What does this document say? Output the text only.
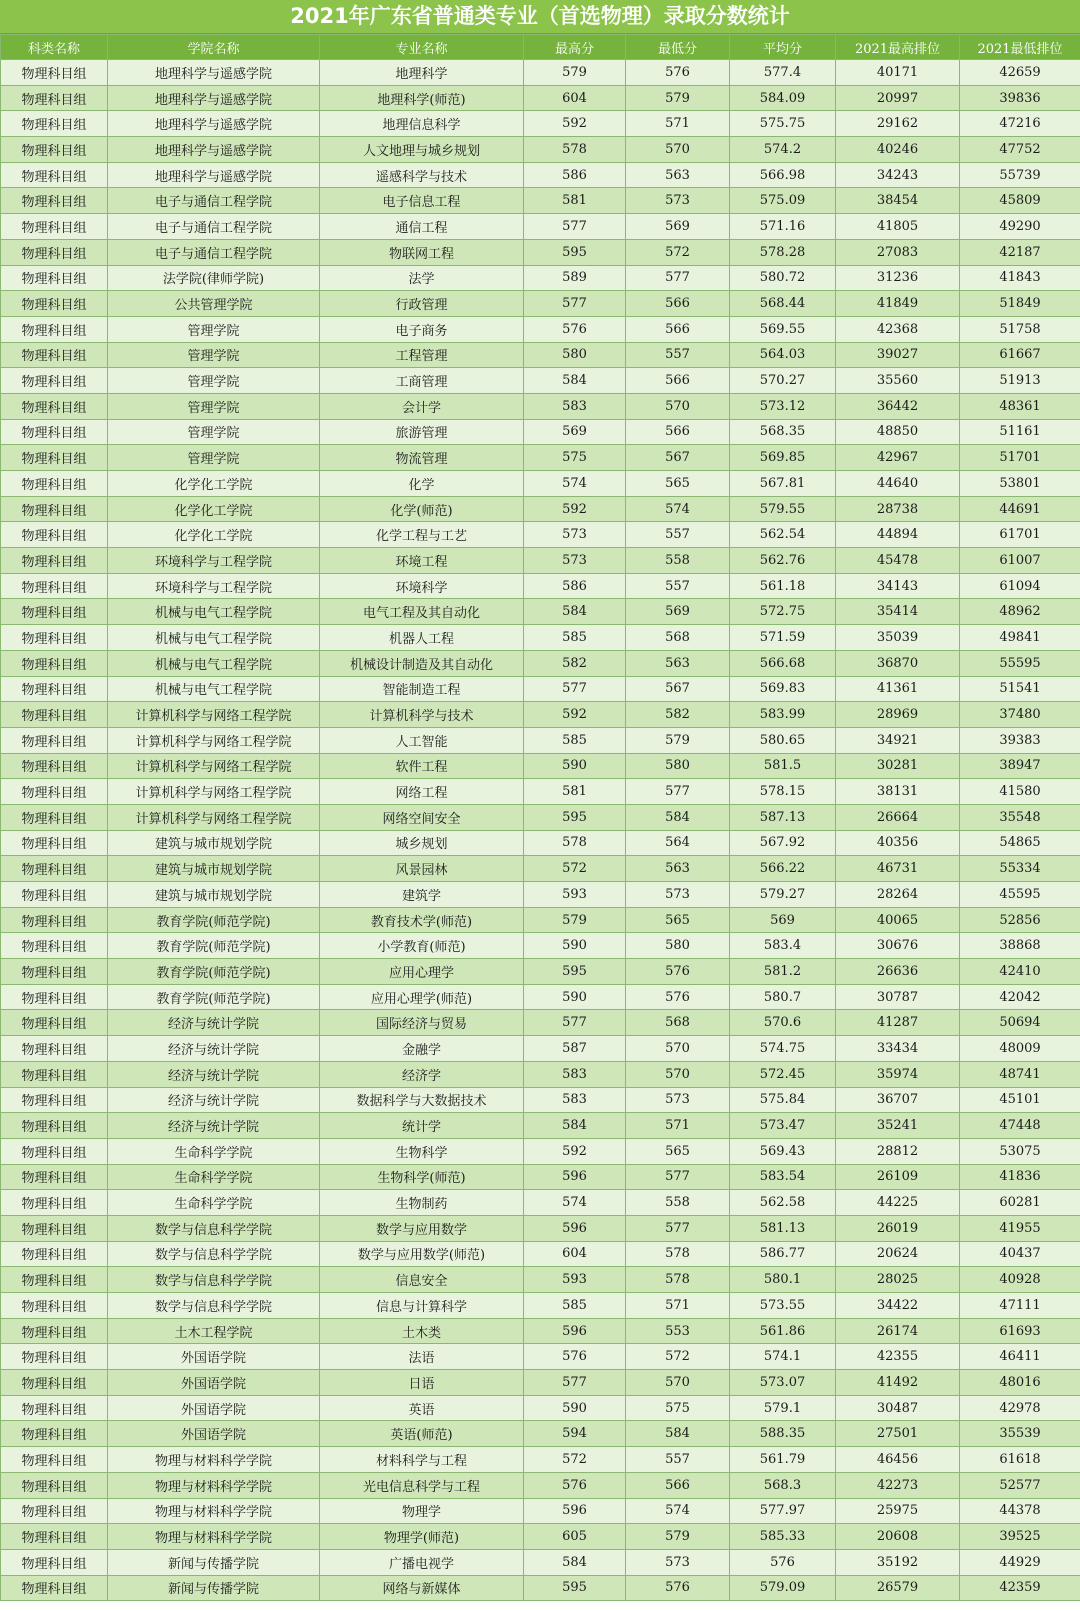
2021年广东省普通类专业（首选物理）录取分数统计
科类名称	学院名称	专业名称	最高分	最低分	平均分	2021最高排位	2021最低排位
物理科目组	地理科学与遥感学院	地理科学	579	576	577.4	40171	42659
物理科目组	地理科学与遥感学院	地理科学(师范)	604	579	584.09	20997	39836
物理科目组	地理科学与遥感学院	地理信息科学	592	571	575.75	29162	47216
物理科目组	地理科学与遥感学院	人文地理与城乡规划	578	570	574.2	40246	47752
物理科目组	地理科学与遥感学院	遥感科学与技术	586	563	566.98	34243	55739
物理科目组	电子与通信工程学院	电子信息工程	581	573	575.09	38454	45809
物理科目组	电子与通信工程学院	通信工程	577	569	571.16	41805	49290
物理科目组	电子与通信工程学院	物联网工程	595	572	578.28	27083	42187
物理科目组	法学院(律师学院)	法学	589	577	580.72	31236	41843
物理科目组	公共管理学院	行政管理	577	566	568.44	41849	51849
物理科目组	管理学院	电子商务	576	566	569.55	42368	51758
物理科目组	管理学院	工程管理	580	557	564.03	39027	61667
物理科目组	管理学院	工商管理	584	566	570.27	35560	51913
物理科目组	管理学院	会计学	583	570	573.12	36442	48361
物理科目组	管理学院	旅游管理	569	566	568.35	48850	51161
物理科目组	管理学院	物流管理	575	567	569.85	42967	51701
物理科目组	化学化工学院	化学	574	565	567.81	44640	53801
物理科目组	化学化工学院	化学(师范)	592	574	579.55	28738	44691
物理科目组	化学化工学院	化学工程与工艺	573	557	562.54	44894	61701
物理科目组	环境科学与工程学院	环境工程	573	558	562.76	45478	61007
物理科目组	环境科学与工程学院	环境科学	586	557	561.18	34143	61094
物理科目组	机械与电气工程学院	电气工程及其自动化	584	569	572.75	35414	48962
物理科目组	机械与电气工程学院	机器人工程	585	568	571.59	35039	49841
物理科目组	机械与电气工程学院	机械设计制造及其自动化	582	563	566.68	36870	55595
物理科目组	机械与电气工程学院	智能制造工程	577	567	569.83	41361	51541
物理科目组	计算机科学与网络工程学院	计算机科学与技术	592	582	583.99	28969	37480
物理科目组	计算机科学与网络工程学院	人工智能	585	579	580.65	34921	39383
物理科目组	计算机科学与网络工程学院	软件工程	590	580	581.5	30281	38947
物理科目组	计算机科学与网络工程学院	网络工程	581	577	578.15	38131	41580
物理科目组	计算机科学与网络工程学院	网络空间安全	595	584	587.13	26664	35548
物理科目组	建筑与城市规划学院	城乡规划	578	564	567.92	40356	54865
物理科目组	建筑与城市规划学院	风景园林	572	563	566.22	46731	55334
物理科目组	建筑与城市规划学院	建筑学	593	573	579.27	28264	45595
物理科目组	教育学院(师范学院)	教育技术学(师范)	579	565	569	40065	52856
物理科目组	教育学院(师范学院)	小学教育(师范)	590	580	583.4	30676	38868
物理科目组	教育学院(师范学院)	应用心理学	595	576	581.2	26636	42410
物理科目组	教育学院(师范学院)	应用心理学(师范)	590	576	580.7	30787	42042
物理科目组	经济与统计学院	国际经济与贸易	577	568	570.6	41287	50694
物理科目组	经济与统计学院	金融学	587	570	574.75	33434	48009
物理科目组	经济与统计学院	经济学	583	570	572.45	35974	48741
物理科目组	经济与统计学院	数据科学与大数据技术	583	573	575.84	36707	45101
物理科目组	经济与统计学院	统计学	584	571	573.47	35241	47448
物理科目组	生命科学学院	生物科学	592	565	569.43	28812	53075
物理科目组	生命科学学院	生物科学(师范)	596	577	583.54	26109	41836
物理科目组	生命科学学院	生物制药	574	558	562.58	44225	60281
物理科目组	数学与信息科学学院	数学与应用数学	596	577	581.13	26019	41955
物理科目组	数学与信息科学学院	数学与应用数学(师范)	604	578	586.77	20624	40437
物理科目组	数学与信息科学学院	信息安全	593	578	580.1	28025	40928
物理科目组	数学与信息科学学院	信息与计算科学	585	571	573.55	34422	47111
物理科目组	土木工程学院	土木类	596	553	561.86	26174	61693
物理科目组	外国语学院	法语	576	572	574.1	42355	46411
物理科目组	外国语学院	日语	577	570	573.07	41492	48016
物理科目组	外国语学院	英语	590	575	579.1	30487	42978
物理科目组	外国语学院	英语(师范)	594	584	588.35	27501	35539
物理科目组	物理与材料科学学院	材料科学与工程	572	557	561.79	46456	61618
物理科目组	物理与材料科学学院	光电信息科学与工程	576	566	568.3	42273	52577
物理科目组	物理与材料科学学院	物理学	596	574	577.97	25975	44378
物理科目组	物理与材料科学学院	物理学(师范)	605	579	585.33	20608	39525
物理科目组	新闻与传播学院	广播电视学	584	573	576	35192	44929
物理科目组	新闻与传播学院	网络与新媒体	595	576	579.09	26579	42359
